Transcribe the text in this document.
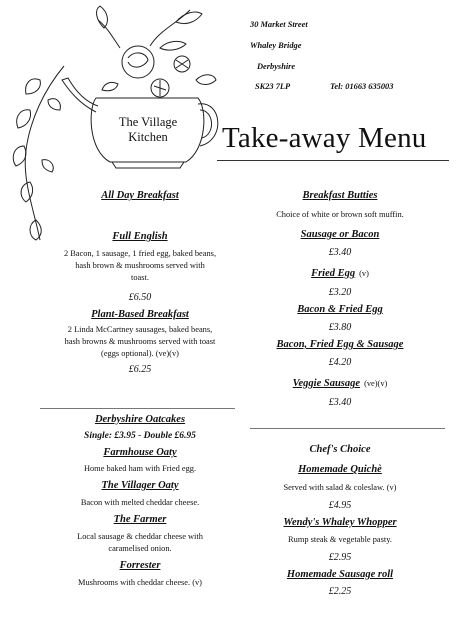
The Village
Kitchen
30 Market Street
Whaley Bridge
Derbyshire
SK23 7LP	Tel: 01663 635003
Take-away Menu
All Day Breakfast
Full English
2 Bacon, 1 sausage, 1 fried egg, baked beans,
hash brown & mushrooms served with
toast.
£6.50
Plant-Based Breakfast
2 Linda McCartney sausages, baked beans,
hash browns & mushrooms served with toast
(eggs optional). (ve)(v)
£6.25
Derbyshire Oatcakes
Single: £3.95 - Double £6.95
Farmhouse Oaty
Home baked ham with Fried egg.
The Villager Oaty
Bacon with melted cheddar cheese.
The Farmer
Local sausage & cheddar cheese with
caramelised onion.
Forrester
Mushrooms with cheddar cheese. (v)
Breakfast Butties
Choice of white or brown soft muffin.
Sausage or Bacon
£3.40
Fried Egg (v)
£3.20
Bacon & Fried Egg
£3.80
Bacon, Fried Egg & Sausage
£4.20
Veggie Sausage (ve)(v)
£3.40
Chef's Choice
Homemade Quichè
Served with salad & coleslaw. (v)
£4.95
Wendy's Whaley Whopper
Rump steak & vegetable pasty.
£2.95
Homemade Sausage roll
£2.25
